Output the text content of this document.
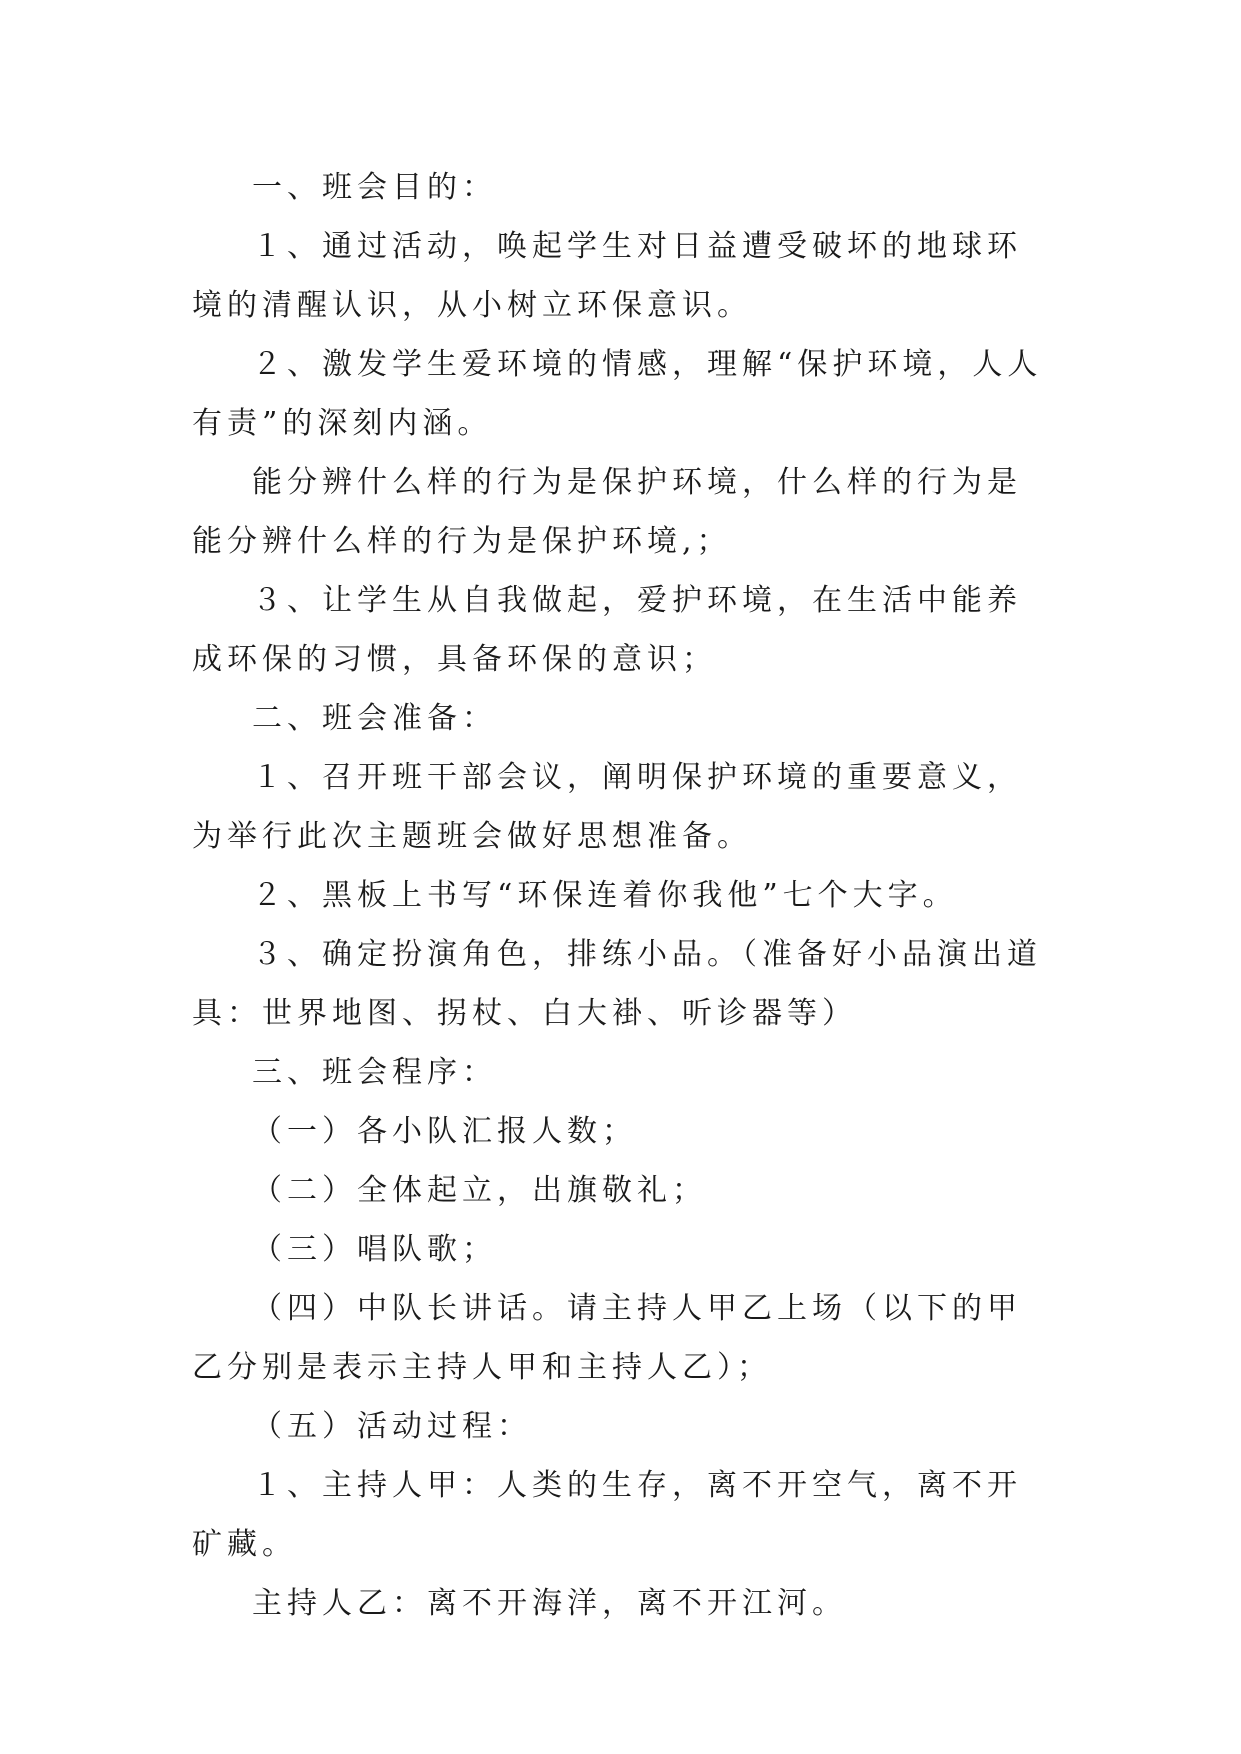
一、班会目的：

１、通过活动，唤起学生对日益遭受破坏的地球环境的清醒认识，从小树立环保意识。

２、激发学生爱环境的情感，理解“保护环境，人人有责”的深刻内涵。

能分辨什么样的行为是保护环境，什么样的行为是能分辨什么样的行为是保护环境,；

３、让学生从自我做起，爱护环境，在生活中能养成环保的习惯，具备环保的意识；

二、班会准备：

１、召开班干部会议，阐明保护环境的重要意义，为举行此次主题班会做好思想准备。

２、黑板上书写“环保连着你我他”七个大字。

３、确定扮演角色，排练小品。（准备好小品演出道具：世界地图、拐杖、白大褂、听诊器等）

三、班会程序：

（一）各小队汇报人数；

（二）全体起立，出旗敬礼；

（三）唱队歌；

（四）中队长讲话。请主持人甲乙上场（以下的甲乙分别是表示主持人甲和主持人乙）；

（五）活动过程：

１、主持人甲：人类的生存，离不开空气，离不开矿藏。

主持人乙：离不开海洋，离不开江河。
